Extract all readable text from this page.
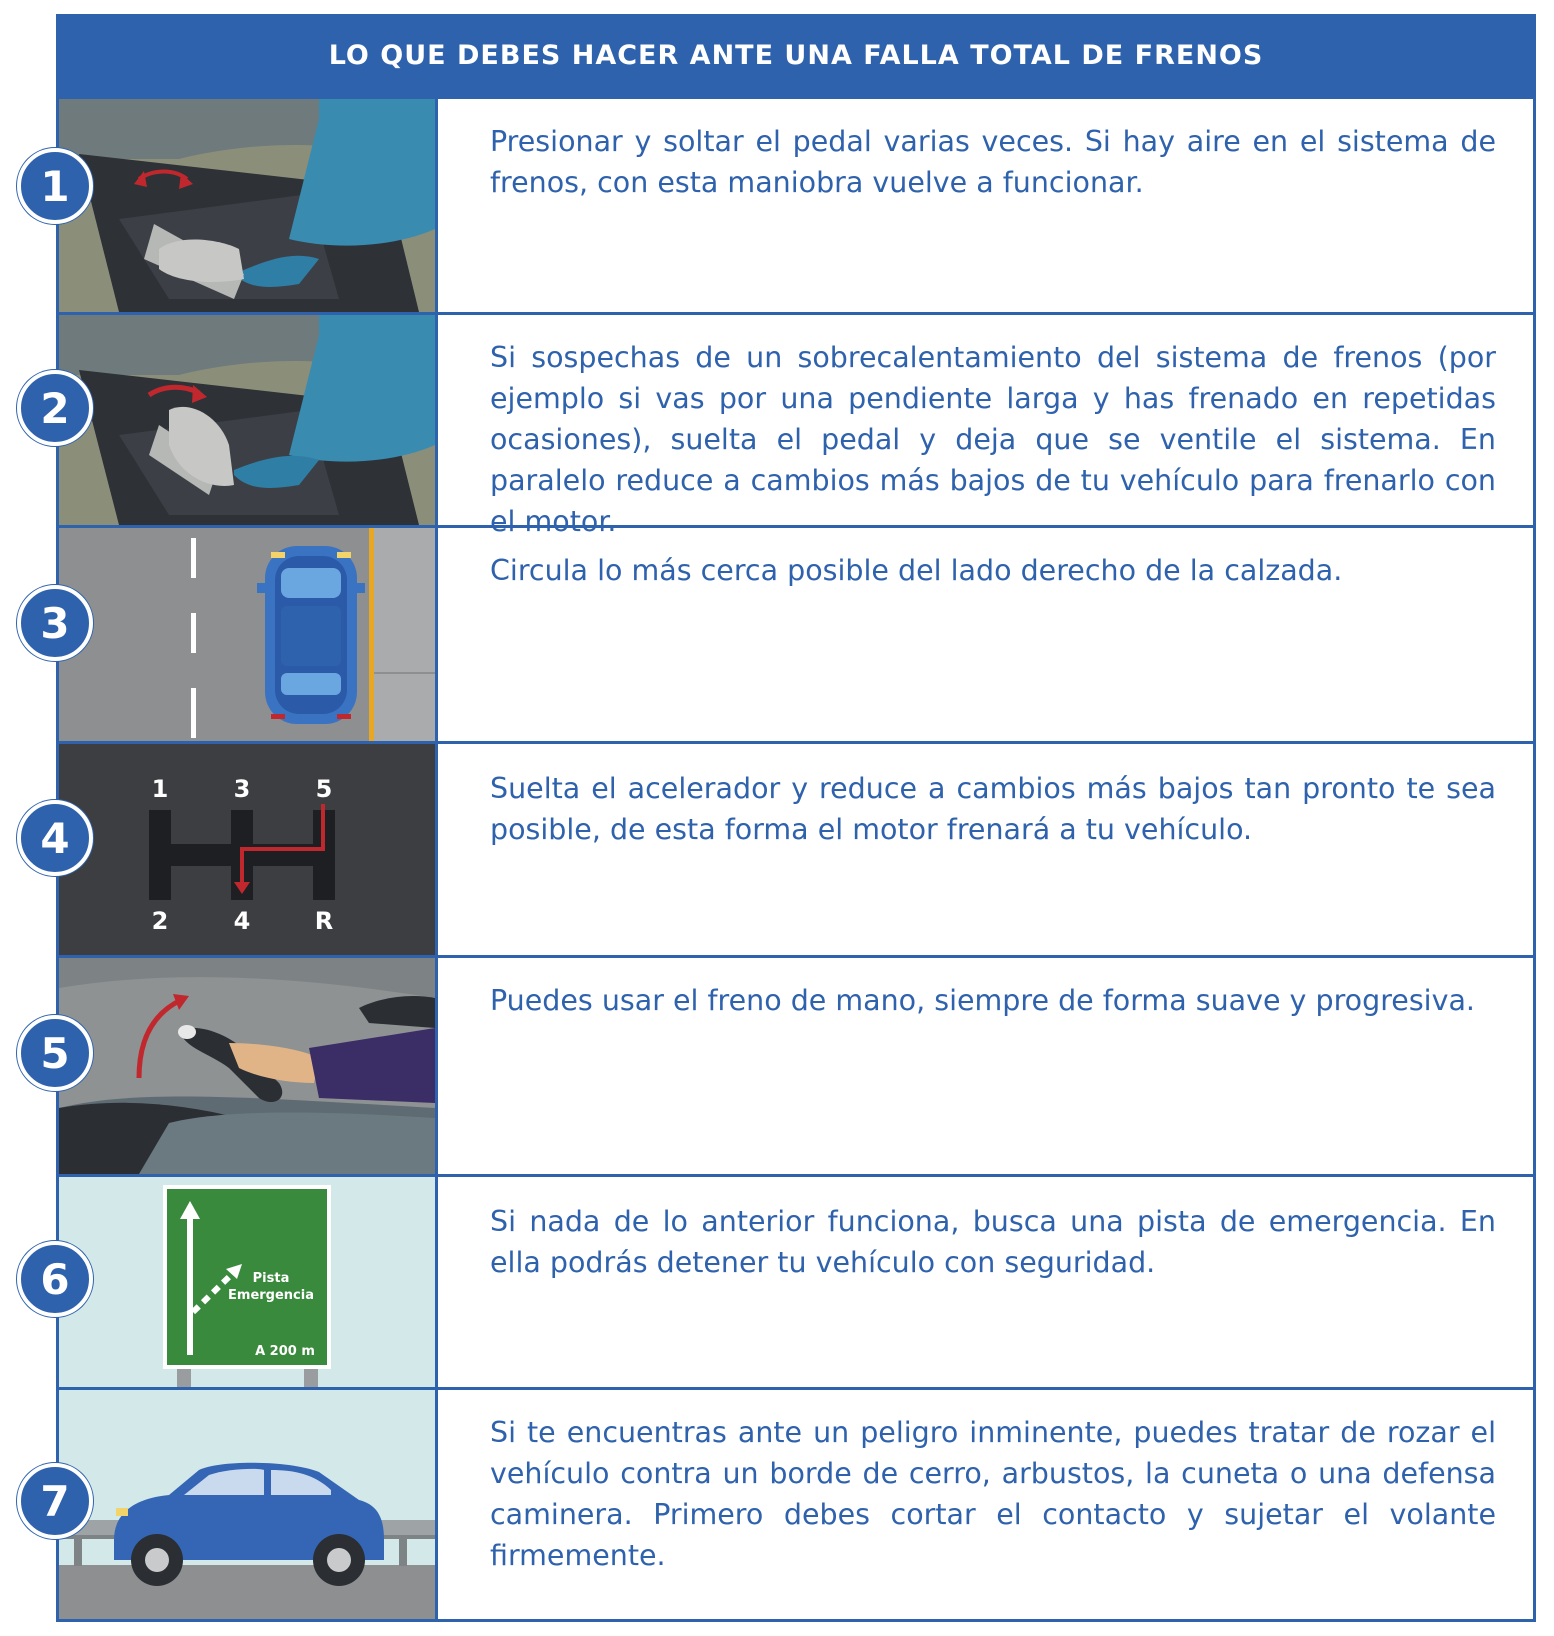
LO QUE DEBES HACER ANTE UNA FALLA TOTAL DE FRENOS
Presionar y soltar el pedal varias veces. Si hay aire en el sistema de frenos, con esta maniobra vuelve a funcionar.
1
Si sospechas de un sobrecalentamiento del sistema de frenos (por ejemplo si vas por una pendiente larga y has frenado en repetidas ocasiones), suelta el pedal y deja que se ventile el sistema. En paralelo reduce a cambios más bajos de tu vehículo para frenarlo con el motor.
2
Circula lo más cerca posible del lado derecho de la calzada.
3
1	3	5
2	4	R
Suelta el acelerador y reduce a cambios más bajos tan pronto te sea posible, de esta forma el motor frenará a tu vehículo.
4
Puedes usar el freno de mano, siempre de forma suave y progresiva.
5
Pista
Emergencia
A 200 m
Si nada de lo anterior funciona, busca una pista de emergencia. En ella podrás detener tu vehículo con seguridad.
6
Si te encuentras ante un peligro inminente, puedes tratar de rozar el vehículo contra un borde de cerro, arbustos, la cuneta o una defensa caminera. Primero debes cortar el contacto y sujetar el volante firmemente.
7
